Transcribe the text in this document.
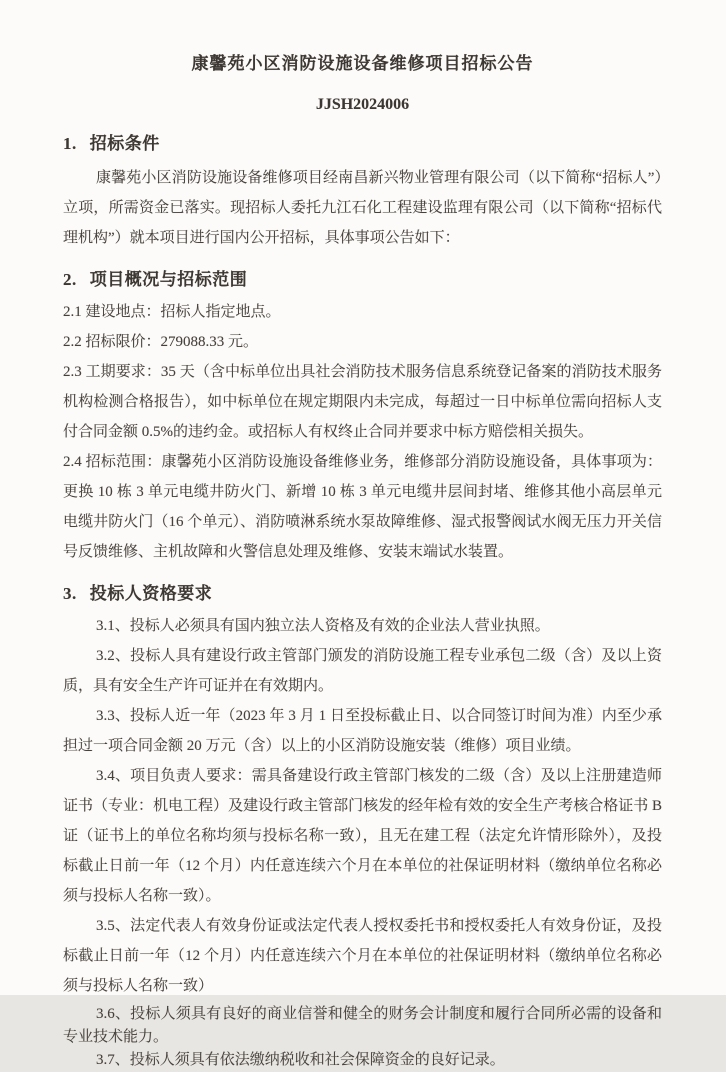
康馨苑小区消防设施设备维修项目招标公告
JJSH2024006
1. 招标条件

康馨苑小区消防设施设备维修项目经南昌新兴物业管理有限公司（以下简称“招标人”）立项，所需资金已落实。现招标人委托九江石化工程建设监理有限公司（以下简称“招标代理机构”）就本项目进行国内公开招标，具体事项公告如下：

2. 项目概况与招标范围

2.1 建设地点：招标人指定地点。

2.2 招标限价：279088.33 元。

2.3 工期要求：35 天（含中标单位出具社会消防技术服务信息系统登记备案的消防技术服务机构检测合格报告），如中标单位在规定期限内未完成，每超过一日中标单位需向招标人支付合同金额 0.5%的违约金。或招标人有权终止合同并要求中标方赔偿相关损失。

2.4 招标范围：康馨苑小区消防设施设备维修业务，维修部分消防设施设备，具体事项为：更换 10 栋 3 单元电缆井防火门、新增 10 栋 3 单元电缆井层间封堵、维修其他小高层单元电缆井防火门（16 个单元）、消防喷淋系统水泵故障维修、湿式报警阀试水阀无压力开关信号反馈维修、主机故障和火警信息处理及维修、安装末端试水装置。

3. 投标人资格要求

3.1、投标人必须具有国内独立法人资格及有效的企业法人营业执照。

3.2、投标人具有建设行政主管部门颁发的消防设施工程专业承包二级（含）及以上资质，具有安全生产许可证并在有效期内。

3.3、投标人近一年（2023 年 3 月 1 日至投标截止日、以合同签订时间为准）内至少承担过一项合同金额 20 万元（含）以上的小区消防设施安装（维修）项目业绩。

3.4、项目负责人要求：需具备建设行政主管部门核发的二级（含）及以上注册建造师证书（专业：机电工程）及建设行政主管部门核发的经年检有效的安全生产考核合格证书 B 证（证书上的单位名称均须与投标名称一致），且无在建工程（法定允许情形除外），及投标截止日前一年（12 个月）内任意连续六个月在本单位的社保证明材料（缴纳单位名称必须与投标人名称一致）。

3.5、法定代表人有效身份证或法定代表人授权委托书和授权委托人有效身份证，及投标截止日前一年（12 个月）内任意连续六个月在本单位的社保证明材料（缴纳单位名称必须与投标人名称一致）

3.6、投标人须具有良好的商业信誉和健全的财务会计制度和履行合同所必需的设备和专业技术能力。

3.7、投标人须具有依法缴纳税收和社会保障资金的良好记录。
